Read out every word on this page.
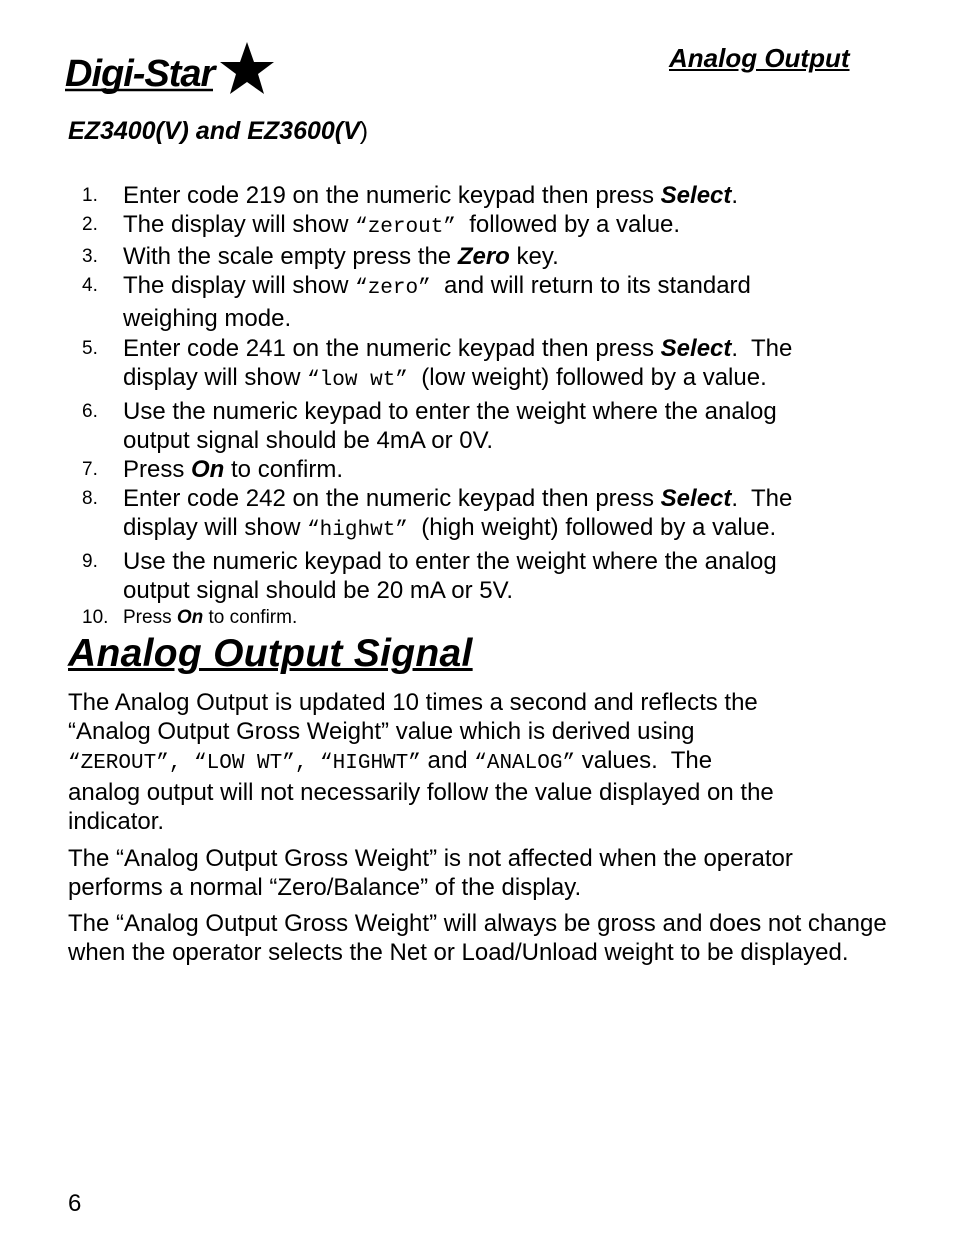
Digi-Star	Analog Output
EZ3400(V) and EZ3600(V)
1. Enter code 219 on the numeric keypad then press Select.
2. The display will show “zerout”  followed by a value.
3. With the scale empty press the Zero key.
4. The display will show “zero”  and will return to its standard
weighing mode.
5. Enter code 241 on the numeric keypad then press Select.  The
display will show “low wt”  (low weight) followed by a value.
6. Use the numeric keypad to enter the weight where the analog
output signal should be 4mA or 0V.
7. Press On to confirm.
8. Enter code 242 on the numeric keypad then press Select.  The
display will show “highwt”  (high weight) followed by a value.
9. Use the numeric keypad to enter the weight where the analog
output signal should be 20 mA or 5V.
10. Press On to confirm.
Analog Output Signal
The Analog Output is updated 10 times a second and reflects the
“Analog Output Gross Weight” value which is derived using
“ZEROUT”, “LOW WT”, “HIGHWT” and “ANALOG” values.  The
analog output will not necessarily follow the value displayed on the
indicator.

The “Analog Output Gross Weight” is not affected when the operator performs a normal “Zero/Balance” of the display.

The “Analog Output Gross Weight” will always be gross and does not change when the operator selects the Net or Load/Unload weight to be displayed.

6
